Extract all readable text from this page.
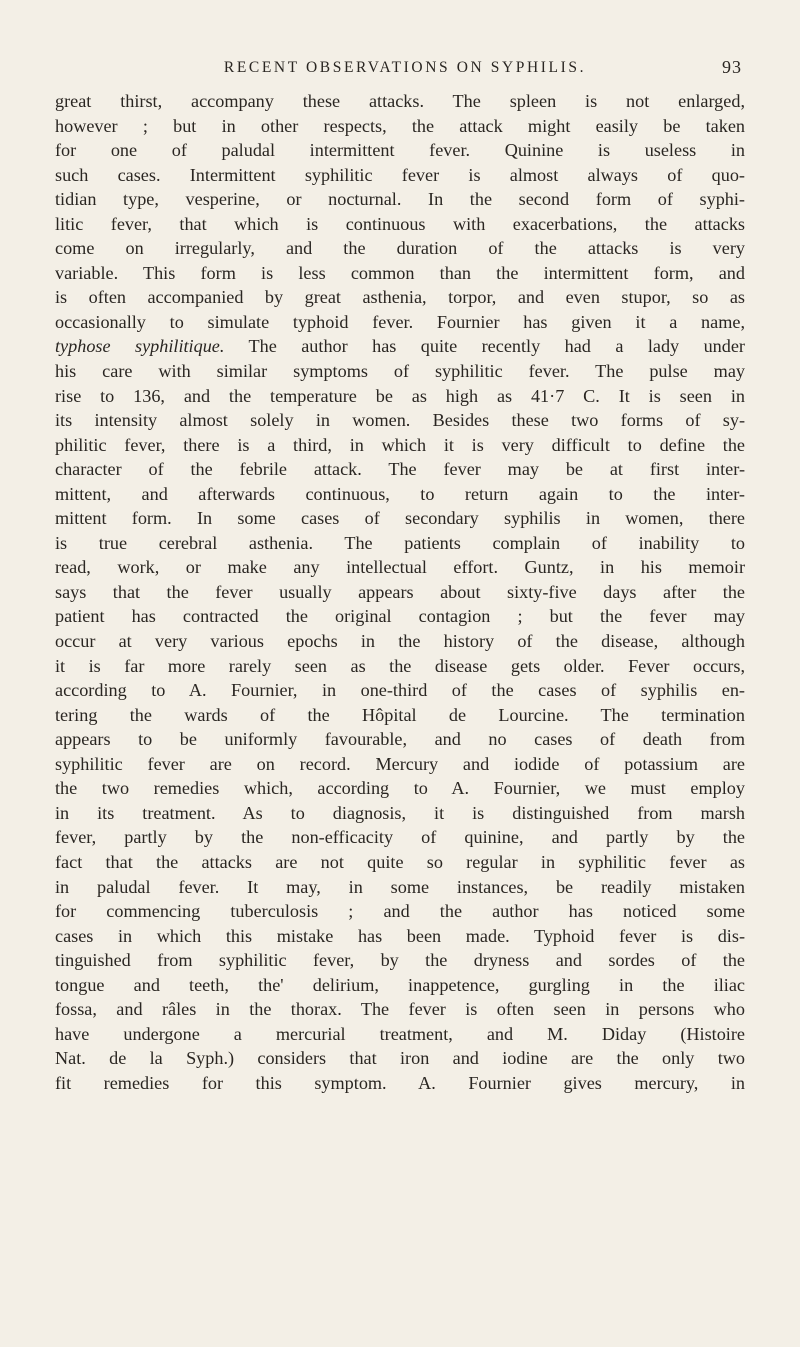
RECENT OBSERVATIONS ON SYPHILIS.	93
great thirst, accompany these attacks. The spleen is not enlarged,
however ; but in other respects, the attack might easily be taken
for one of paludal intermittent fever. Quinine is useless in
such cases. Intermittent syphilitic fever is almost always of quo-
tidian type, vesperine, or nocturnal. In the second form of syphi-
litic fever, that which is continuous with exacerbations, the attacks
come on irregularly, and the duration of the attacks is very
variable. This form is less common than the intermittent form, and
is often accompanied by great asthenia, torpor, and even stupor, so as
occasionally to simulate typhoid fever. Fournier has given it a name,
typhose syphilitique. The author has quite recently had a lady under
his care with similar symptoms of syphilitic fever. The pulse may
rise to 136, and the temperature be as high as 41·7 C. It is seen in
its intensity almost solely in women. Besides these two forms of sy-
philitic fever, there is a third, in which it is very difficult to define the
character of the febrile attack. The fever may be at first inter-
mittent, and afterwards continuous, to return again to the inter-
mittent form. In some cases of secondary syphilis in women, there
is true cerebral asthenia. The patients complain of inability to
read, work, or make any intellectual effort. Guntz, in his memoir
says that the fever usually appears about sixty-five days after the
patient has contracted the original contagion ; but the fever may
occur at very various epochs in the history of the disease, although
it is far more rarely seen as the disease gets older. Fever occurs,
according to A. Fournier, in one-third of the cases of syphilis en-
tering the wards of the Hôpital de Lourcine. The termination
appears to be uniformly favourable, and no cases of death from
syphilitic fever are on record. Mercury and iodide of potassium are
the two remedies which, according to A. Fournier, we must employ
in its treatment. As to diagnosis, it is distinguished from marsh
fever, partly by the non-efficacity of quinine, and partly by the
fact that the attacks are not quite so regular in syphilitic fever as
in paludal fever. It may, in some instances, be readily mistaken
for commencing tuberculosis ; and the author has noticed some
cases in which this mistake has been made. Typhoid fever is dis-
tinguished from syphilitic fever, by the dryness and sordes of the
tongue and teeth, the' delirium, inappetence, gurgling in the iliac
fossa, and râles in the thorax. The fever is often seen in persons who
have undergone a mercurial treatment, and M. Diday (Histoire
Nat. de la Syph.) considers that iron and iodine are the only two
fit remedies for this symptom. A. Fournier gives mercury, in
